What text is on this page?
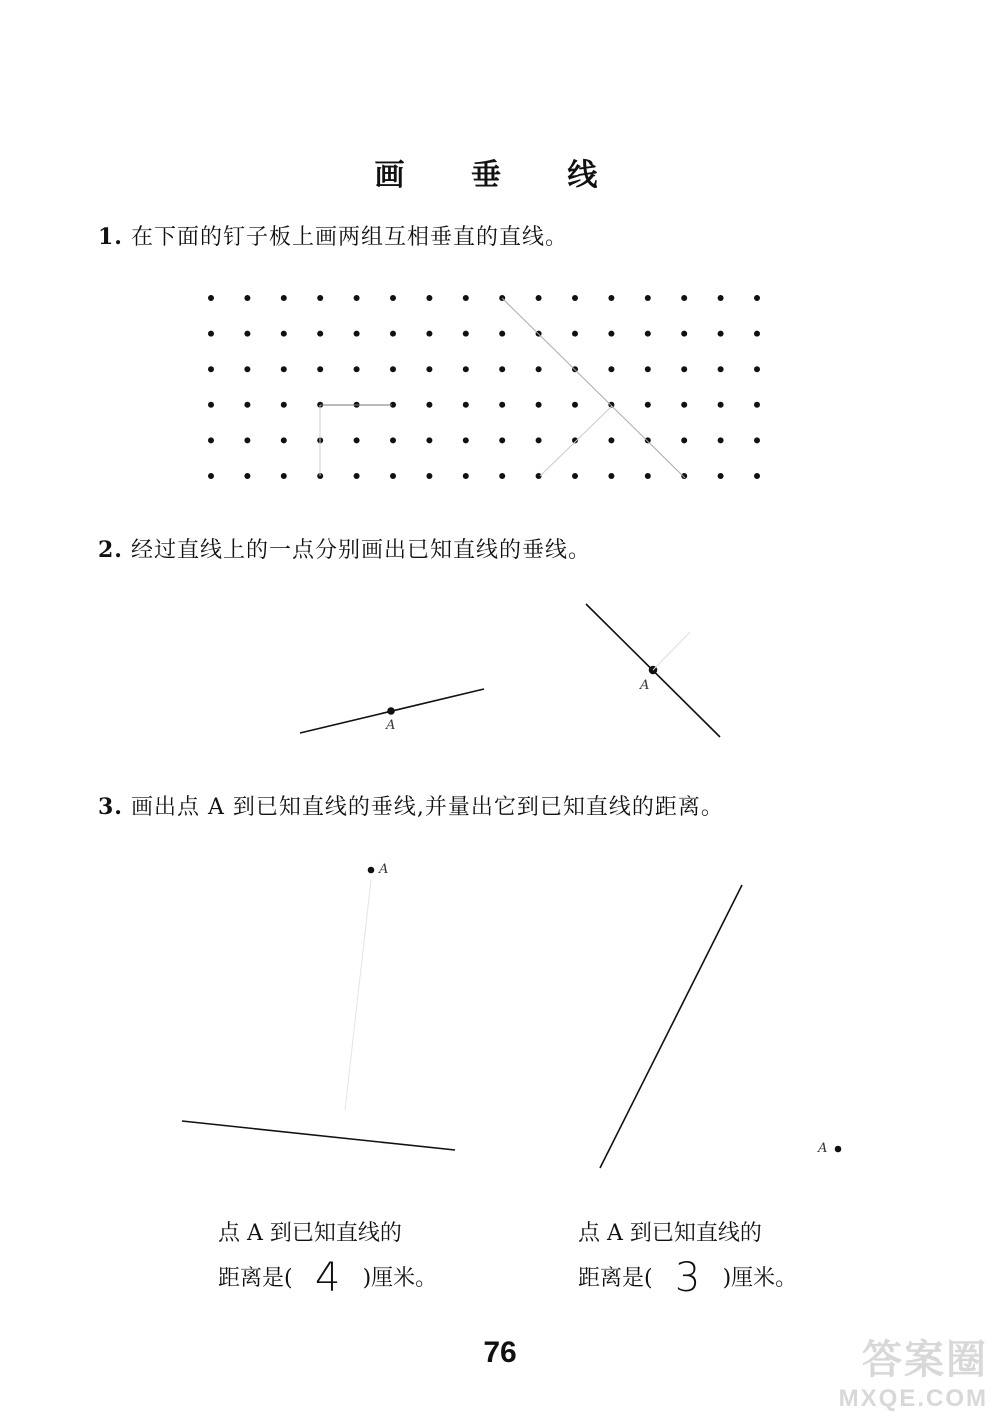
画 垂 线
1. 在下面的钉子板上画两组互相垂直的直线。
A
A
2. 经过直线上的一点分别画出已知直线的垂线。
3. 画出点 A 到已知直线的垂线,并量出它到已知直线的距离。
A
A
点 A 到已知直线的
距离是( 4 )厘米。
点 A 到已知直线的
距离是( 3 )厘米。
76	答案圈
MXQE.COM
